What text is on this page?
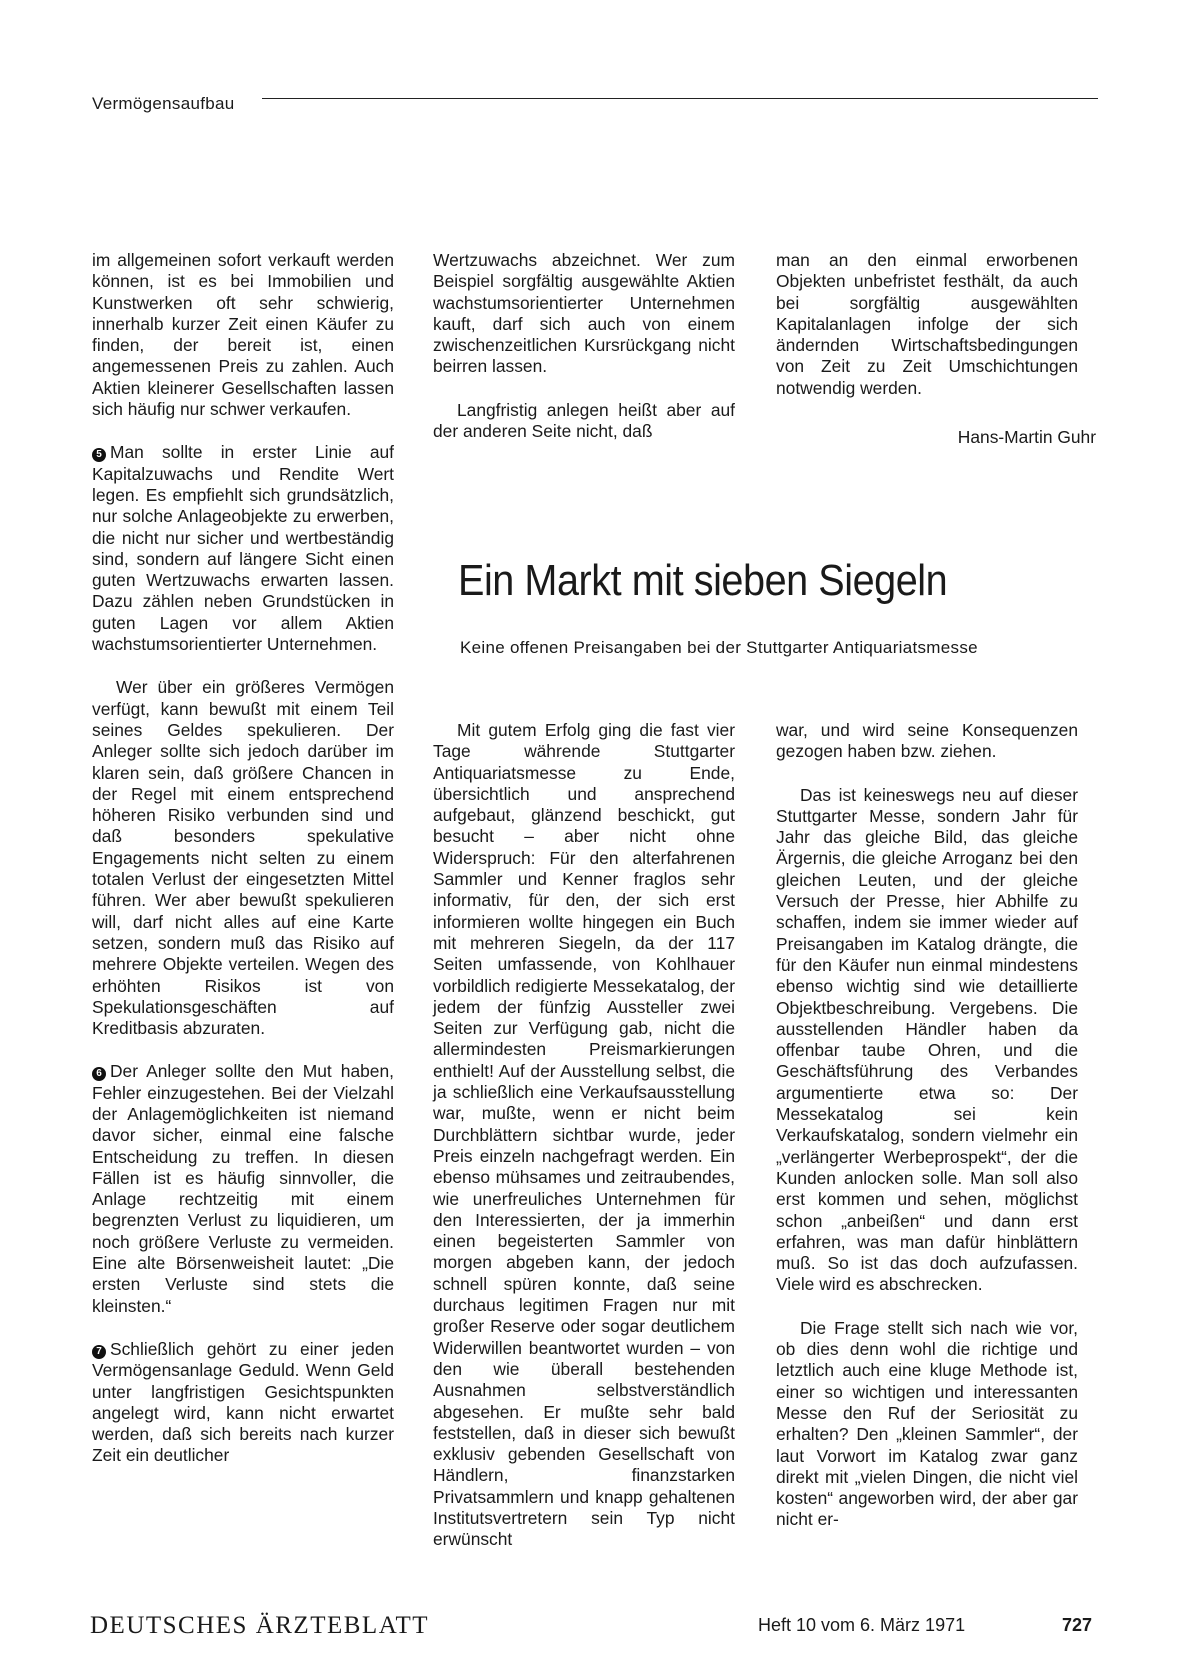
Vermögensaufbau

im allgemeinen sofort verkauft werden können, ist es bei Immobilien und Kunstwerken oft sehr schwierig, innerhalb kurzer Zeit einen Käufer zu finden, der bereit ist, einen angemessenen Preis zu zahlen. Auch Aktien kleinerer Gesellschaften lassen sich häufig nur schwer verkaufen.

5 Man sollte in erster Linie auf Kapitalzuwachs und Rendite Wert legen. Es empfiehlt sich grundsätzlich, nur solche Anlageobjekte zu erwerben, die nicht nur sicher und wertbeständig sind, sondern auf längere Sicht einen guten Wertzuwachs erwarten lassen. Dazu zählen neben Grundstücken in guten Lagen vor allem Aktien wachstumsorientierter Unternehmen.

Wer über ein größeres Vermögen verfügt, kann bewußt mit einem Teil seines Geldes spekulieren. Der Anleger sollte sich jedoch darüber im klaren sein, daß größere Chancen in der Regel mit einem entsprechend höheren Risiko verbunden sind und daß besonders spekulative Engagements nicht selten zu einem totalen Verlust der eingesetzten Mittel führen. Wer aber bewußt spekulieren will, darf nicht alles auf eine Karte setzen, sondern muß das Risiko auf mehrere Objekte verteilen. Wegen des erhöhten Risikos ist von Spekulationsgeschäften auf Kreditbasis abzuraten.

6 Der Anleger sollte den Mut haben, Fehler einzugestehen. Bei der Vielzahl der Anlagemöglichkeiten ist niemand davor sicher, einmal eine falsche Entscheidung zu treffen. In diesen Fällen ist es häufig sinnvoller, die Anlage rechtzeitig mit einem begrenzten Verlust zu liquidieren, um noch größere Verluste zu vermeiden. Eine alte Börsenweisheit lautet: „Die ersten Verluste sind stets die kleinsten.“

7 Schließlich gehört zu einer jeden Vermögensanlage Geduld. Wenn Geld unter langfristigen Gesichtspunkten angelegt wird, kann nicht erwartet werden, daß sich bereits nach kurzer Zeit ein deutlicher

Wertzuwachs abzeichnet. Wer zum Beispiel sorgfältig ausgewählte Aktien wachstumsorientierter Unternehmen kauft, darf sich auch von einem zwischenzeitlichen Kursrückgang nicht beirren lassen.

Langfristig anlegen heißt aber auf der anderen Seite nicht, daß

man an den einmal erworbenen Objekten unbefristet festhält, da auch bei sorgfältig ausgewählten Kapitalanlagen infolge der sich ändernden Wirtschaftsbedingungen von Zeit zu Zeit Umschichtungen notwendig werden.

Hans-Martin Guhr
Ein Markt mit sieben Siegeln
Keine offenen Preisangaben bei der Stuttgarter Antiquariatsmesse

Mit gutem Erfolg ging die fast vier Tage währende Stuttgarter Antiquariatsmesse zu Ende, übersichtlich und ansprechend aufgebaut, glänzend beschickt, gut besucht – aber nicht ohne Widerspruch: Für den alterfahrenen Sammler und Kenner fraglos sehr informativ, für den, der sich erst informieren wollte hingegen ein Buch mit mehreren Siegeln, da der 117 Seiten umfassende, von Kohlhauer vorbildlich redigierte Messekatalog, der jedem der fünfzig Aussteller zwei Seiten zur Verfügung gab, nicht die allermindesten Preismarkierungen enthielt! Auf der Ausstellung selbst, die ja schließlich eine Verkaufsausstellung war, mußte, wenn er nicht beim Durchblättern sichtbar wurde, jeder Preis einzeln nachgefragt werden. Ein ebenso mühsames und zeitraubendes, wie unerfreuliches Unternehmen für den Interessierten, der ja immerhin einen begeisterten Sammler von morgen abgeben kann, der jedoch schnell spüren konnte, daß seine durchaus legitimen Fragen nur mit großer Reserve oder sogar deutlichem Widerwillen beantwortet wurden – von den wie überall bestehenden Ausnahmen selbstverständlich abgesehen. Er mußte sehr bald feststellen, daß in dieser sich bewußt exklusiv gebenden Gesellschaft von Händlern, finanzstarken Privatsammlern und knapp gehaltenen Institutsvertretern sein Typ nicht erwünscht

war, und wird seine Konsequenzen gezogen haben bzw. ziehen.

Das ist keineswegs neu auf dieser Stuttgarter Messe, sondern Jahr für Jahr das gleiche Bild, das gleiche Ärgernis, die gleiche Arroganz bei den gleichen Leuten, und der gleiche Versuch der Presse, hier Abhilfe zu schaffen, indem sie immer wieder auf Preisangaben im Katalog drängte, die für den Käufer nun einmal mindestens ebenso wichtig sind wie detaillierte Objektbeschreibung. Vergebens. Die ausstellenden Händler haben da offenbar taube Ohren, und die Geschäftsführung des Verbandes argumentierte etwa so: Der Messekatalog sei kein Verkaufskatalog, sondern vielmehr ein „verlängerter Werbeprospekt“, der die Kunden anlocken solle. Man soll also erst kommen und sehen, möglichst schon „anbeißen“ und dann erst erfahren, was man dafür hinblättern muß. So ist das doch aufzufassen. Viele wird es abschrecken.

Die Frage stellt sich nach wie vor, ob dies denn wohl die richtige und letztlich auch eine kluge Methode ist, einer so wichtigen und interessanten Messe den Ruf der Seriosität zu erhalten? Den „kleinen Sammler“, der laut Vorwort im Katalog zwar ganz direkt mit „vielen Dingen, die nicht viel kosten“ angeworben wird, der aber gar nicht er-

DEUTSCHES ÄRZTEBLATT	Heft 10 vom 6. März 1971	727
